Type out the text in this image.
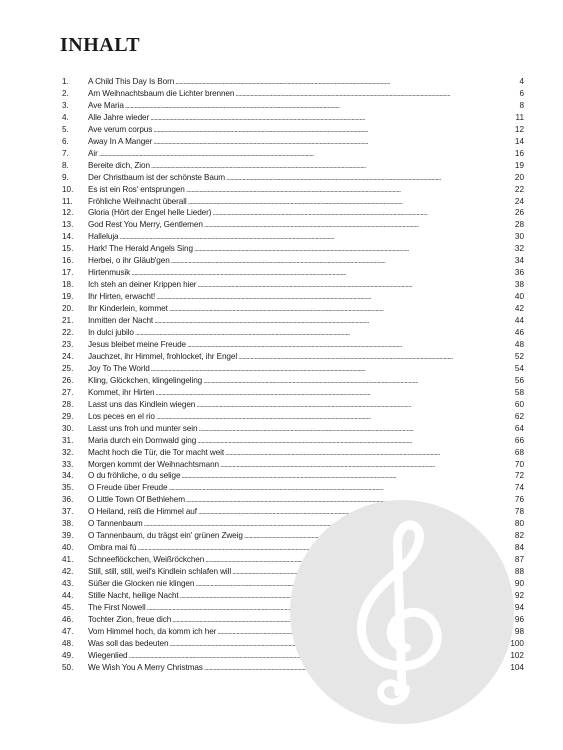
INHALT
1.	A Child This Day Is Born . . .	4
2.	Am Weihnachtsbaum die Lichter brennen . . .	6
3.	Ave Maria . . .	8
4.	Alle Jahre wieder . . .	11
5.	Ave verum corpus . . .	12
6.	Away In A Manger . . .	14
7.	Air . . .	16
8.	Bereite dich, Zion . . .	19
9.	Der Christbaum ist der schönste Baum . . .	20
10.	Es ist ein Ros' entsprungen . . .	22
11.	Fröhliche Weihnacht überall . . .	24
12.	Gloria (Hört der Engel helle Lieder) . . .	26
13.	God Rest You Merry, Gentlemen . . .	28
14.	Halleluja . . .	30
15.	Hark! The Herald Angels Sing . . .	32
16.	Herbei, o ihr Gläub'gen . . .	34
17.	Hirtenmusik . . .	36
18.	Ich steh an deiner Krippen hier . . .	38
19.	Ihr Hirten, erwacht! . . .	40
20.	Ihr Kinderlein, kommet . . .	42
21.	Inmitten der Nacht . . .	44
22.	In dulci jubilo . . .	46
23.	Jesus bleibet meine Freude . . .	48
24.	Jauchzet, ihr Himmel, frohlocket, ihr Engel . . .	52
25.	Joy To The World . . .	54
26.	Kling, Glöckchen, klingelingeling . . .	56
27.	Kommet, ihr Hirten . . .	58
28.	Lasst uns das Kindlein wiegen . . .	60
29.	Los peces en el rio . . .	62
30.	Lasst uns froh und munter sein . . .	64
31.	Maria durch ein Dornwald ging . . .	66
32.	Macht hoch die Tür, die Tor macht weit . . .	68
33.	Morgen kommt der Weihnachtsmann . . .	70
34.	O du fröhliche, o du selige . . .	72
35.	O Freude über Freude . . .	74
36.	O Little Town Of Bethlehem . . .	76
37.	O Heiland, reiß die Himmel auf . . .	78
38.	O Tannenbaum . . .	80
39.	O Tannenbaum, du trägst ein' grünen Zweig . . .	82
40.	Ombra mai fù . . .	84
41.	Schneeflöckchen, Weißröckchen . . .	87
42.	Still, still, still, weil's Kindlein schlafen will . . .	88
43.	Süßer die Glocken nie klingen . . .	90
44.	Stille Nacht, heilige Nacht . . .	92
45.	The First Nowell . . .	94
46.	Tochter Zion, freue dich . . .	96
47.	Vom Himmel hoch, da komm ich her . . .	98
48.	Was soll das bedeuten . . .	100
49.	Wiegenlied . . .	102
50.	We Wish You A Merry Christmas . . .	104
